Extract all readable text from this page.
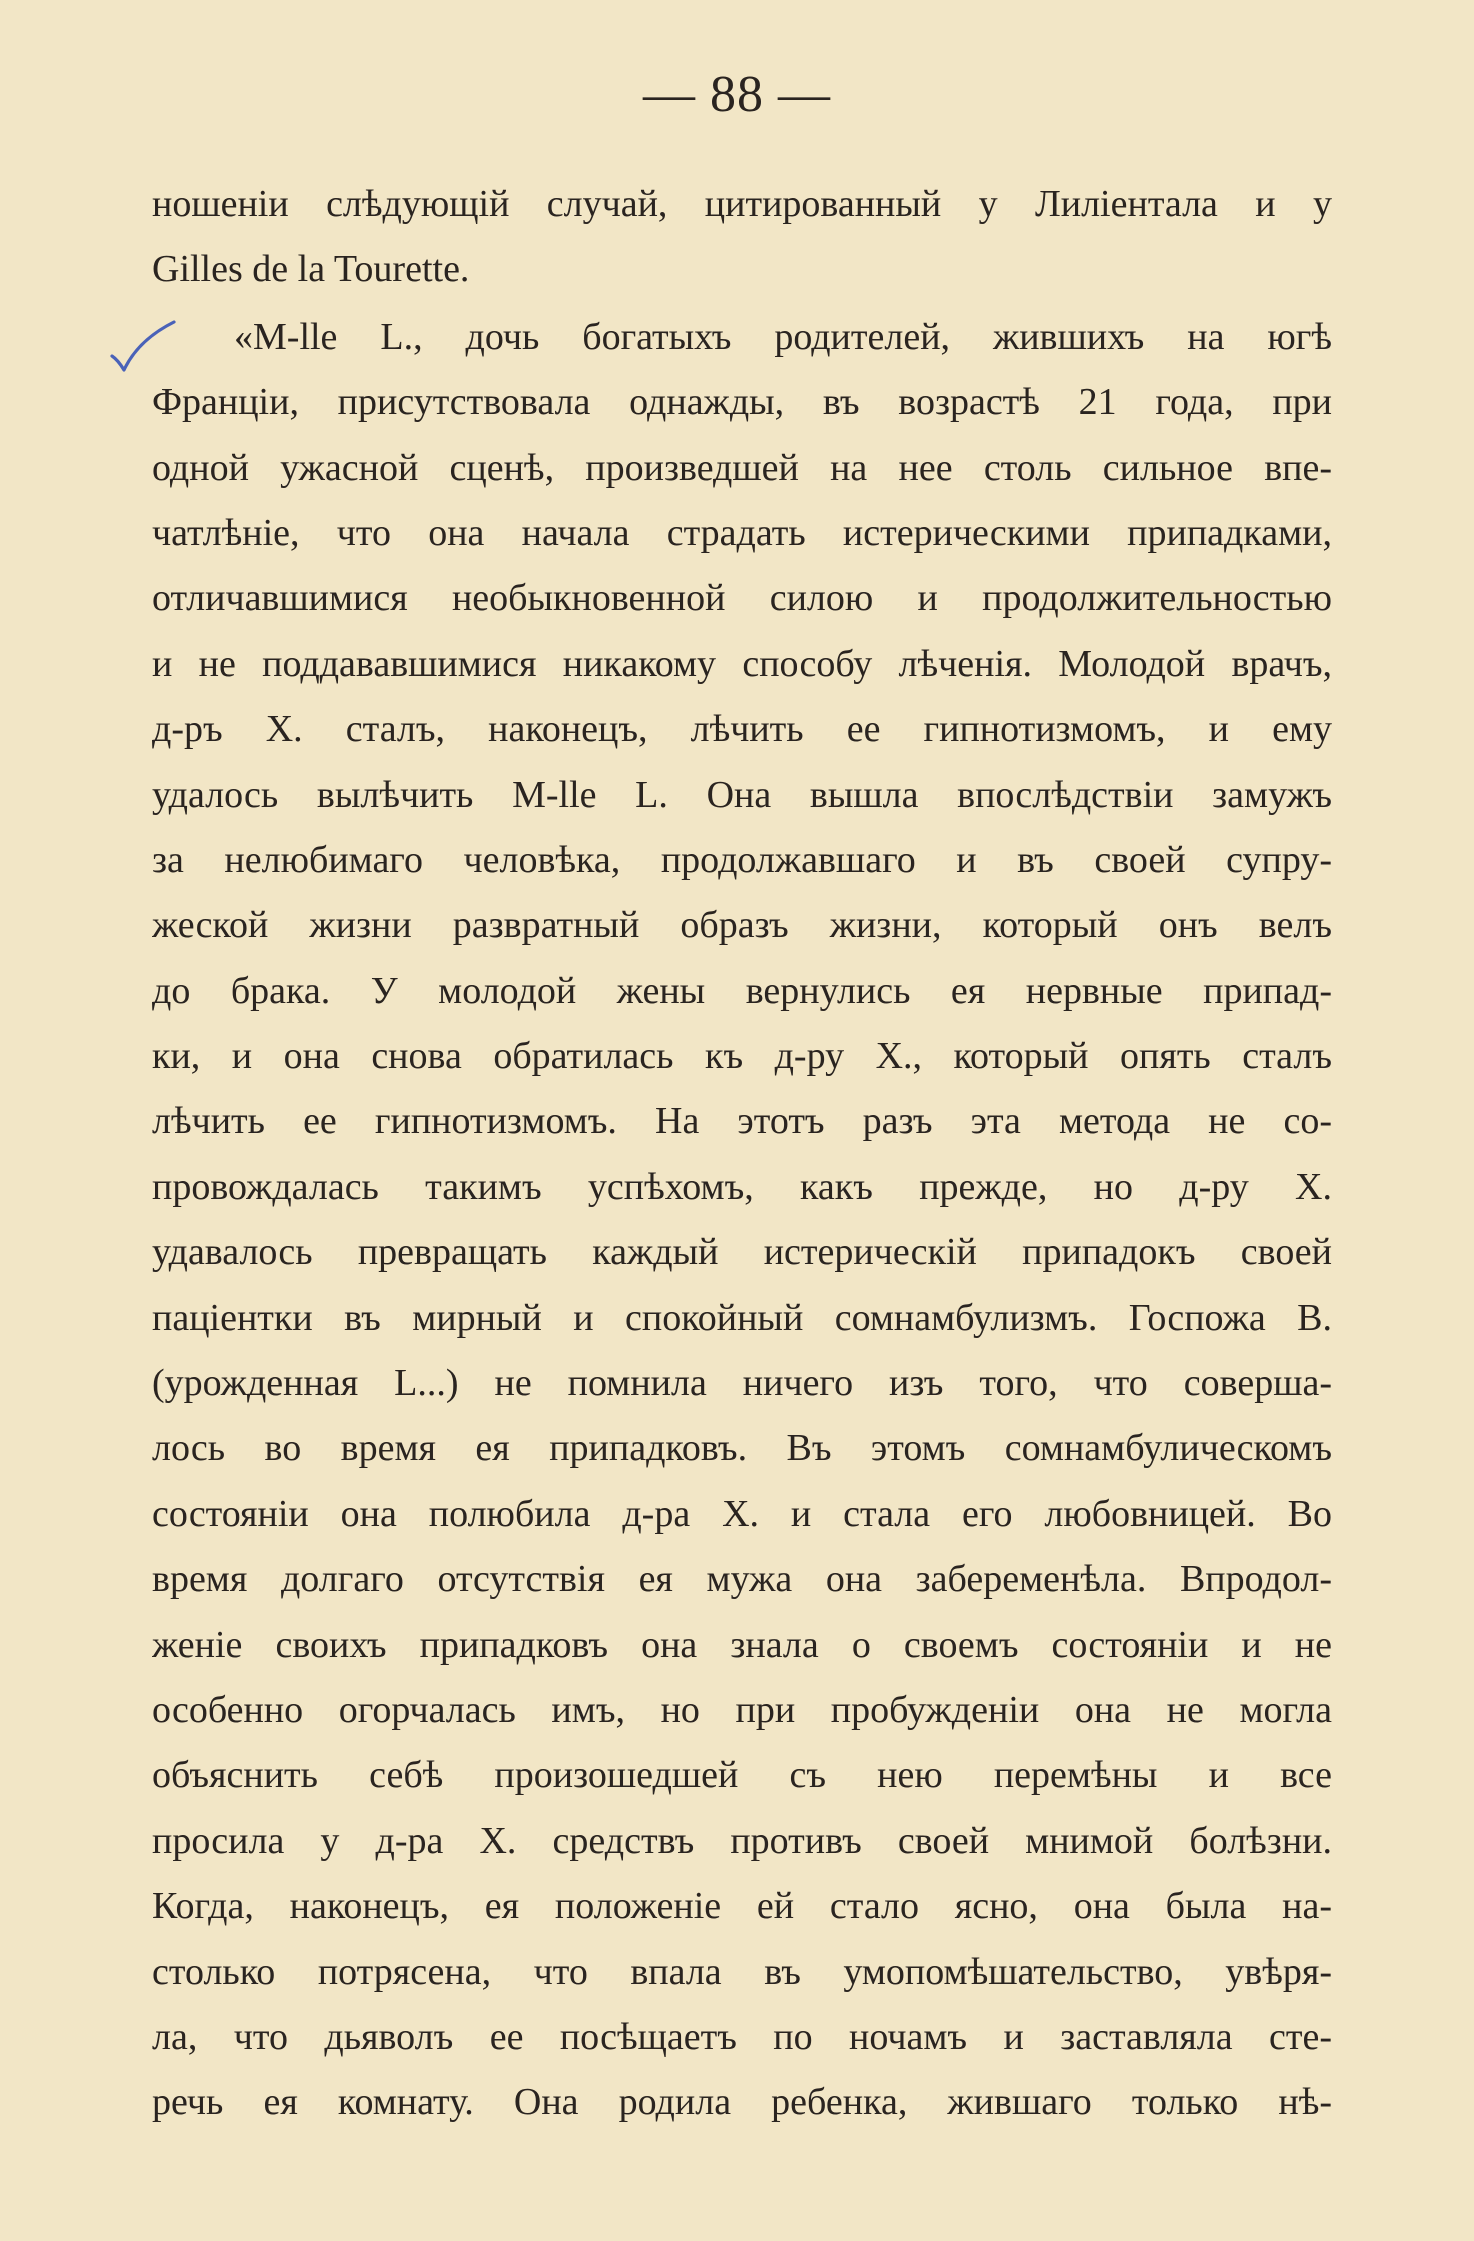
— 88 —
ношеніи слѣдующій случай, цитированный у Лиліентала и у
Gilles de la Tourette.
«M-lle L., дочь богатыхъ родителей, жившихъ на югѣ
Франціи, присутствовала однажды, въ возрастѣ 21 года, при
одной ужасной сценѣ, произведшей на нее столь сильное впе-
чатлѣніе, что она начала страдать истерическими припадками,
отличавшимися необыкновенной силою и продолжительностью
и не поддававшимися никакому способу лѣченія. Молодой врачъ,
д-ръ X. сталъ, наконецъ, лѣчить ее гипнотизмомъ, и ему
удалось вылѣчить M-lle L. Она вышла впослѣдствіи замужъ
за нелюбимаго человѣка, продолжавшаго и въ своей супру-
жеской жизни развратный образъ жизни, который онъ велъ
до брака. У молодой жены вернулись ея нервные припад-
ки, и она снова обратилась къ д-ру X., который опять сталъ
лѣчить ее гипнотизмомъ. На этотъ разъ эта метода не со-
провождалась такимъ успѣхомъ, какъ прежде, но д-ру X.
удавалось превращать каждый истерическій припадокъ своей
паціентки въ мирный и спокойный сомнамбулизмъ. Госпожа В.
(урожденная L...) не помнила ничего изъ того, что соверша-
лось во время ея припадковъ. Въ этомъ сомнамбулическомъ
состояніи она полюбила д-ра X. и стала его любовницей. Во
время долгаго отсутствія ея мужа она забеременѣла. Впродол-
женіе своихъ припадковъ она знала о своемъ состояніи и не
особенно огорчалась имъ, но при пробужденіи она не могла
объяснить себѣ произошедшей съ нею перемѣны и все
просила у д-ра X. средствъ противъ своей мнимой болѣзни.
Когда, наконецъ, ея положеніе ей стало ясно, она была на-
столько потрясена, что впала въ умопомѣшательство, увѣря-
ла, что дьяволъ ее посѣщаетъ по ночамъ и заставляла сте-
речь ея комнату. Она родила ребенка, жившаго только нѣ-
